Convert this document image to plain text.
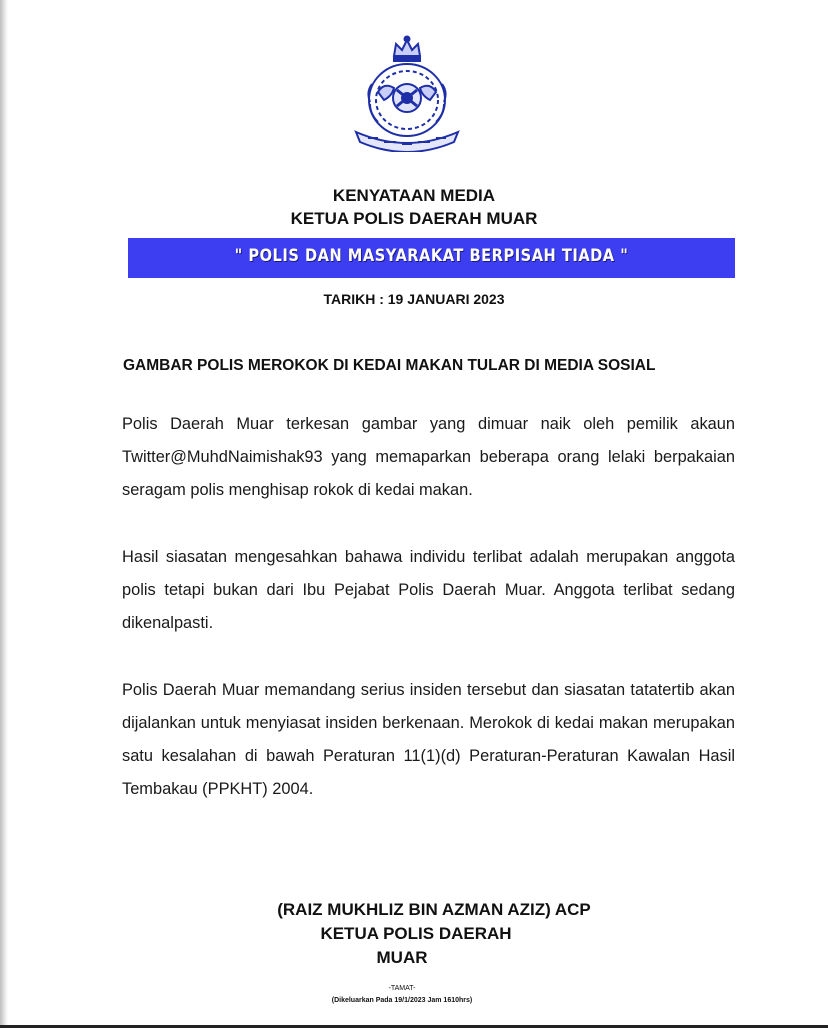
KENYATAAN MEDIA
KETUA POLIS DAERAH MUAR
" POLIS DAN MASYARAKAT BERPISAH TIADA "
TARIKH : 19 JANUARI 2023
GAMBAR POLIS MEROKOK DI KEDAI MAKAN TULAR DI MEDIA SOSIAL
Polis Daerah Muar terkesan gambar yang dimuar naik oleh pemilik akaun Twitter@MuhdNaimishak93 yang memaparkan beberapa orang lelaki berpakaian seragam polis menghisap rokok di kedai makan.
Hasil siasatan mengesahkan bahawa individu terlibat adalah merupakan anggota polis tetapi bukan dari Ibu Pejabat Polis Daerah Muar. Anggota terlibat sedang dikenalpasti.
Polis Daerah Muar memandang serius insiden tersebut dan siasatan tatatertib akan dijalankan untuk menyiasat insiden berkenaan. Merokok di kedai makan merupakan satu kesalahan di bawah Peraturan 11(1)(d) Peraturan-Peraturan Kawalan Hasil Tembakau (PPKHT) 2004.
(RAIZ MUKHLIZ BIN AZMAN AZIZ) ACP
KETUA POLIS DAERAH
MUAR
-TAMAT-
(Dikeluarkan Pada 19/1/2023 Jam 1610hrs)
